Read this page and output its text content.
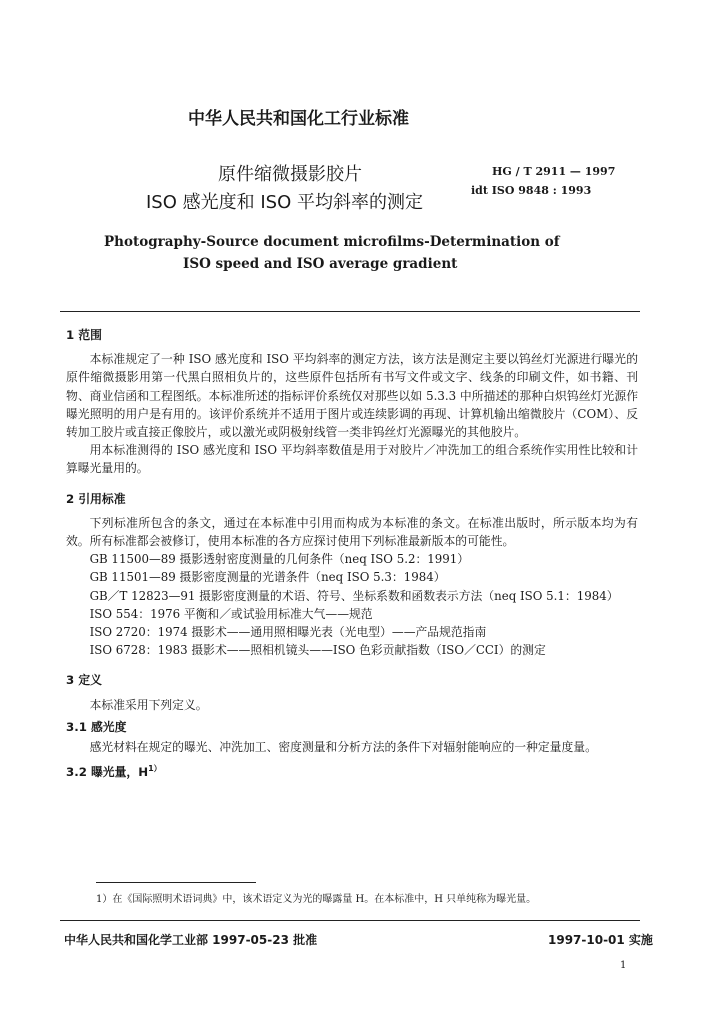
中华人民共和国化工行业标准
原件缩微摄影胶片
ISO 感光度和 ISO 平均斜率的测定
HG / T 2911 — 1997
idt ISO 9848 : 1993
Photography-Source document microfilms-Determination of
ISO speed and ISO average gradient

1 范围

本标准规定了一种 ISO 感光度和 ISO 平均斜率的测定方法，该方法是测定主要以钨丝灯光源进行曝光的原件缩微摄影用第一代黑白照相负片的，这些原件包括所有书写文件或文字、线条的印刷文件，如书籍、刊物、商业信函和工程图纸。本标准所述的指标评价系统仅对那些以如 5.3.3 中所描述的那种白炽钨丝灯光源作曝光照明的用户是有用的。该评价系统并不适用于图片或连续影调的再现、计算机输出缩微胶片（COM）、反转加工胶片或直接正像胶片，或以激光或阴极射线管一类非钨丝灯光源曝光的其他胶片。

用本标准测得的 ISO 感光度和 ISO 平均斜率数值是用于对胶片／冲洗加工的组合系统作实用性比较和计算曝光量用的。

2 引用标准

下列标准所包含的条文，通过在本标准中引用而构成为本标准的条文。在标准出版时，所示版本均为有效。所有标准都会被修订，使用本标准的各方应探讨使用下列标准最新版本的可能性。

GB 11500—89 摄影透射密度测量的几何条件（neq ISO 5.2：1991）

GB 11501—89 摄影密度测量的光谱条件（neq ISO 5.3：1984）

GB／T 12823—91 摄影密度测量的术语、符号、坐标系数和函数表示方法（neq ISO 5.1：1984）

ISO 554：1976 平衡和／或试验用标准大气——规范

ISO 2720：1974 摄影术——通用照相曝光表（光电型）——产品规范指南

ISO 6728：1983 摄影术——照相机镜头——ISO 色彩贡献指数（ISO／CCI）的测定

3 定义

本标准采用下列定义。

3.1 感光度

感光材料在规定的曝光、冲洗加工、密度测量和分析方法的条件下对辐射能响应的一种定量度量。

3.2 曝光量，$H^{1)}$

1）在《国际照明术语词典》中，该术语定义为光的曝露量 H。在本标准中，H 只单纯称为曝光量。
中华人民共和国化学工业部 1997-05-23 批准	1997-10-01 实施
1
